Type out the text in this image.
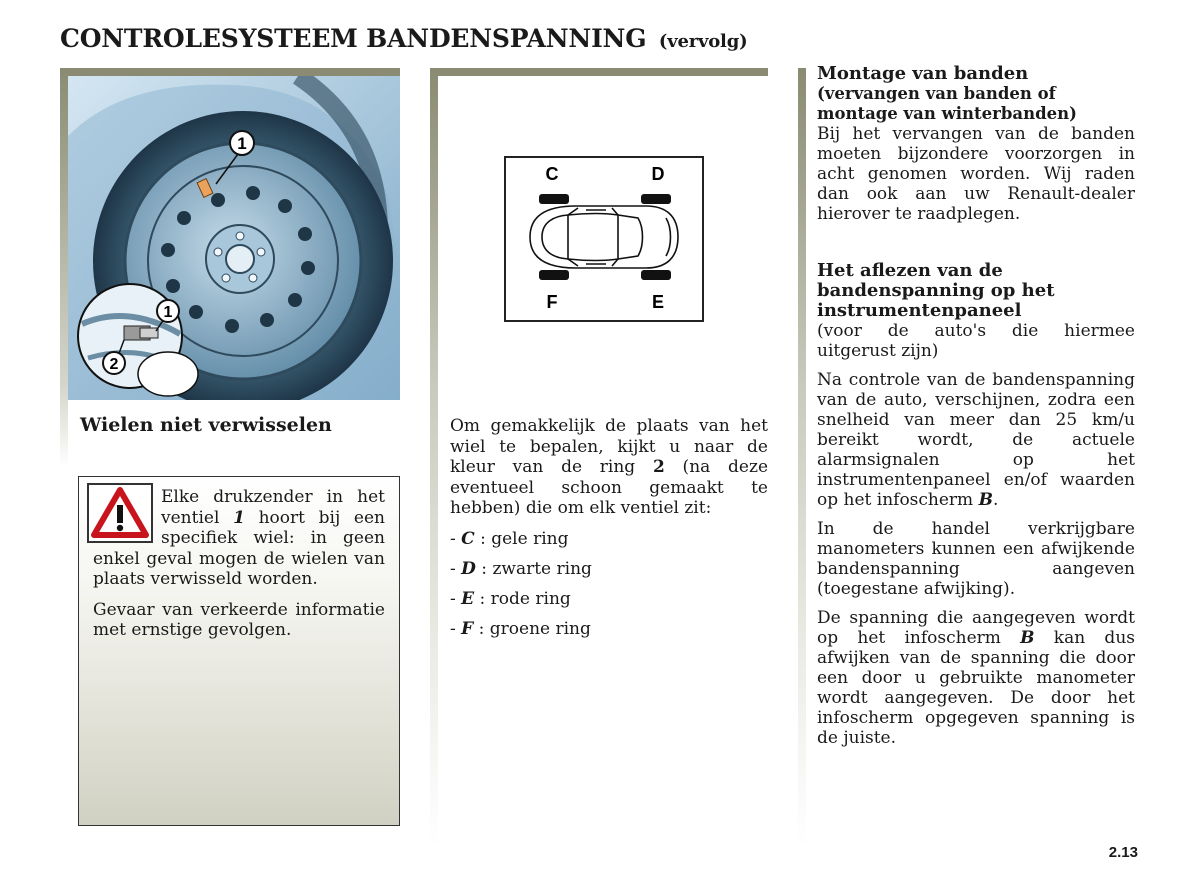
CONTROLESYSTEEM BANDENSPANNING (vervolg)
1
1
2
Wielen niet verwisselen

Elke drukzender in het ventiel 1 hoort bij een specifiek wiel: in geen enkel geval mogen de wielen van plaats verwisseld worden.

Gevaar van verkeerde informatie met ernstige gevolgen.

C	D
F	E

Om gemakkelijk de plaats van het wiel te bepalen, kijkt u naar de kleur van de ring 2 (na deze eventueel schoon gemaakt te hebben) die om elk ventiel zit:

- C : gele ring
- D : zwarte ring
- E : rode ring
- F : groene ring
Montage van banden
(vervangen van banden of montage van winterbanden)

Bij het vervangen van de banden moeten bijzondere voorzorgen in acht genomen worden. Wij raden dan ook aan uw Renault-dealer hierover te raadplegen.

Het aflezen van de bandenspanning op het instrumentenpaneel

(voor de auto's die hiermee uitgerust zijn)

Na controle van de bandenspanning van de auto, verschijnen, zodra een snelheid van meer dan 25 km/u bereikt wordt, de actuele alarmsignalen op het instrumentenpaneel en/of waarden op het infoscherm B.

In de handel verkrijgbare manometers kunnen een afwijkende bandenspanning aangeven (toegestane afwijking).

De spanning die aangegeven wordt op het infoscherm B kan dus afwijken van de spanning die door een door u gebruikte manometer wordt aangegeven. De door het infoscherm opgegeven spanning is de juiste.

2.13
